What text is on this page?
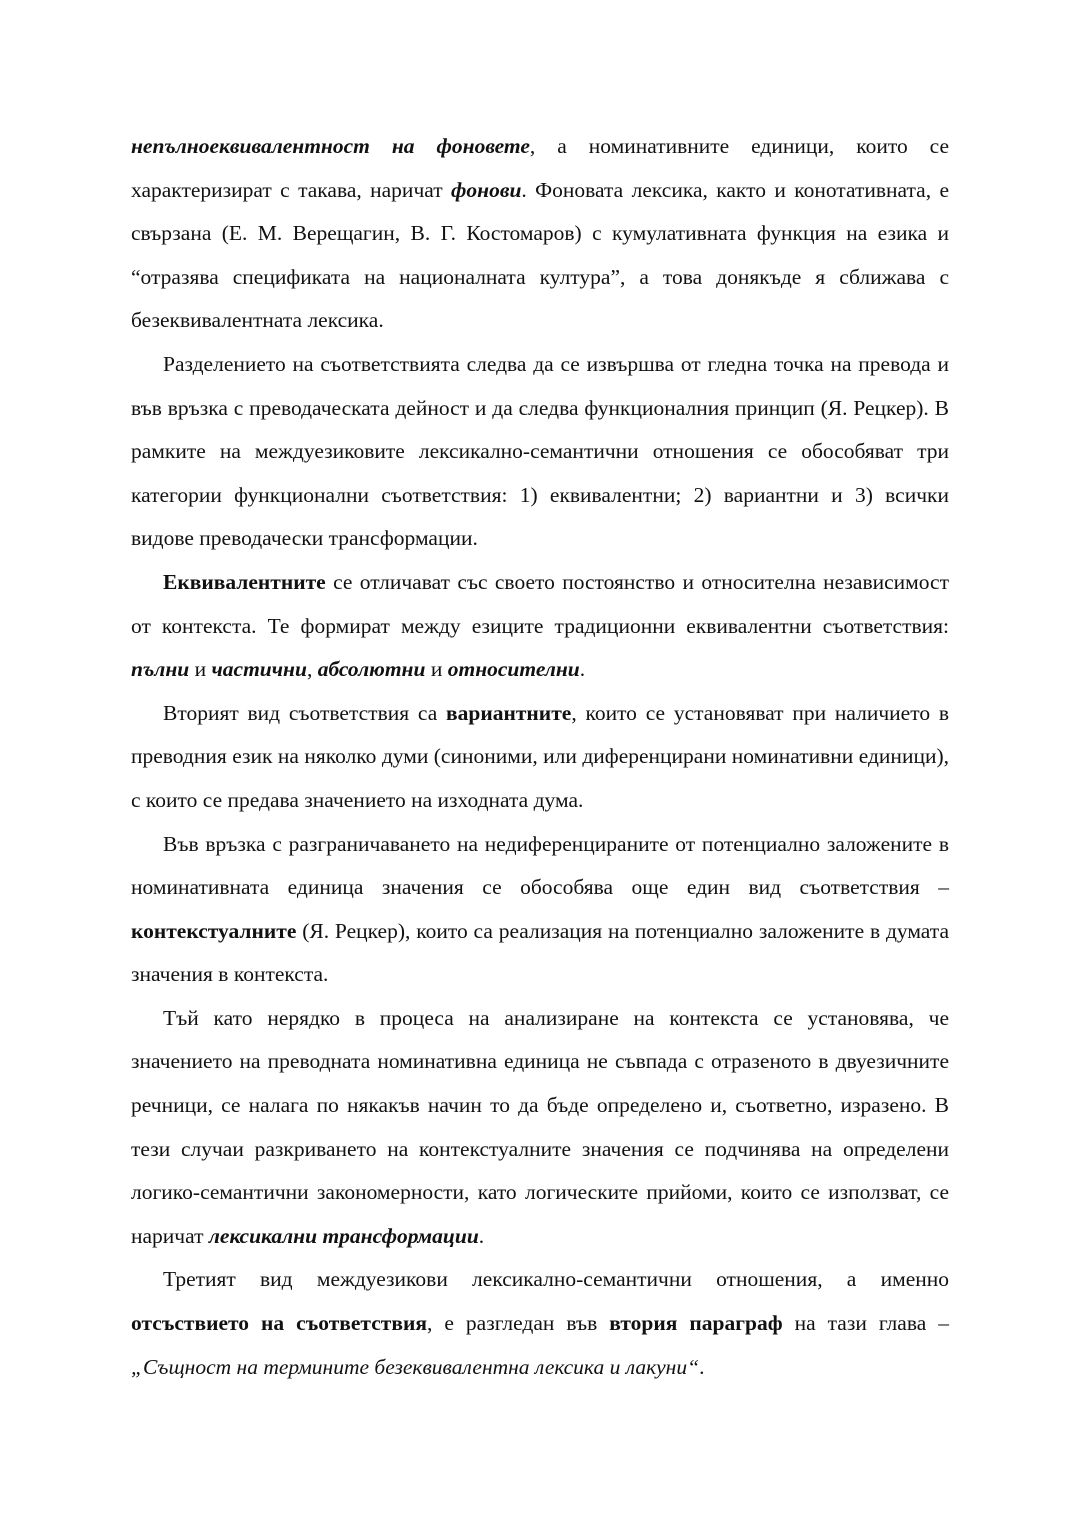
непълноеквивалентност на фоновете, а номинативните единици, които се характеризират с такава, наричат фонови. Фоновата лексика, както и конотативната, е свързана (Е. М. Верещагин, В. Г. Костомаров) с кумулативната функция на езика и “отразява спецификата на националната култура”, а това донякъде я сближава с безеквивалентната лексика.

Разделението на съответствията следва да се извършва от гледна точка на превода и във връзка с преводаческата дейност и да следва функционалния принцип (Я. Рецкер). В рамките на междуезиковите лексикално-семантични отношения се обособяват три категории функционални съответствия: 1) еквивалентни; 2) вариантни и 3) всички видове преводачески трансформации.

Еквивалентните се отличават със своето постоянство и относителна независимост от контекста. Те формират между езиците традиционни еквивалентни съответствия: пълни и частични, абсолютни и относителни.

Вторият вид съответствия са вариантните, които се установяват при наличието в преводния език на няколко думи (синоними, или диференцирани номинативни единици), с които се предава значението на изходната дума.

Във връзка с разграничаването на недиференцираните от потенциално заложените в номинативната единица значения се обособява още един вид съответствия – контекстуалните (Я. Рецкер), които са реализация на потенциално заложените в думата значения в контекста.

Тъй като нерядко в процеса на анализиране на контекста се установява, че значението на преводната номинативна единица не съвпада с отразеното в двуезичните речници, се налага по някакъв начин то да бъде определено и, съответно, изразено. В тези случаи разкриването на контекстуалните значения се подчинява на определени логико-семантични закономерности, като логическите прийоми, които се използват, се наричат лексикални трансформации.

Третият вид междуезикови лексикално-семантични отношения, а именно отсъствието на съответствия, е разгледан във втория параграф на тази глава – „Същност на термините безеквивалентна лексика и лакуни“.
